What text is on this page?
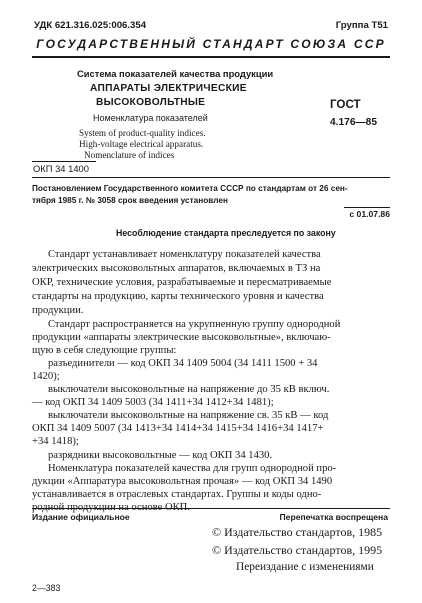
УДК 621.316.025:006.354	Группа Т51
ГОСУДАРСТВЕННЫЙ СТАНДАРТ СОЮЗА ССР
Система показателей качества продукции
АППАРАТЫ ЭЛЕКТРИЧЕСКИЕ
ВЫСОКОВОЛЬТНЫЕ
Номенклатура показателей
System of product-quality indices.
High-voltage electrical apparatus.
Nomenclature of indices
ОКП 34 1400
ГОСТ
4.176—85
Постановлением Государственного комитета СССР по стандартам от 26 сен-
тября 1985 г. № 3058 срок введения установлен
с 01.07.86
Несоблюдение стандарта преследуется по закону
Стандарт устанавливает номенклатуру показателей качества
электрических высоковольтных аппаратов, включаемых в ТЗ на
ОКР, технические условия, разрабатываемые и пересматриваемые
стандарты на продукцию, карты технического уровня и качества
продукции.
Стандарт распространяется на укрупненную группу однородной
продукции «аппараты электрические высоковольтные», включаю-
щую в себя следующие группы:
разъединители — код ОКП 34 1409 5004 (34 1411 1500 + 34
1420);
выключатели высоковольтные на напряжение до 35 кВ включ.
— код ОКП 34 1409 5003 (34 1411+34 1412+34 1481);
выключатели высоковольтные на напряжение св. 35 кВ — код
ОКП 34 1409 5007 (34 1413+34 1414+34 1415+34 1416+34 1417+
+34 1418);
разрядники высоковольтные — код ОКП 34 1430.
Номенклатура показателей качества для групп однородной про-
дукции «Аппаратура высоковольтная прочая» — код ОКП 34 1490
устанавливается в отраслевых стандартах. Группы и коды одно-
Издание официальное	Перепечатка воспрещена
© Издательство стандартов, 1985
© Издательство стандартов, 1995
Переиздание с изменениями
2—383
